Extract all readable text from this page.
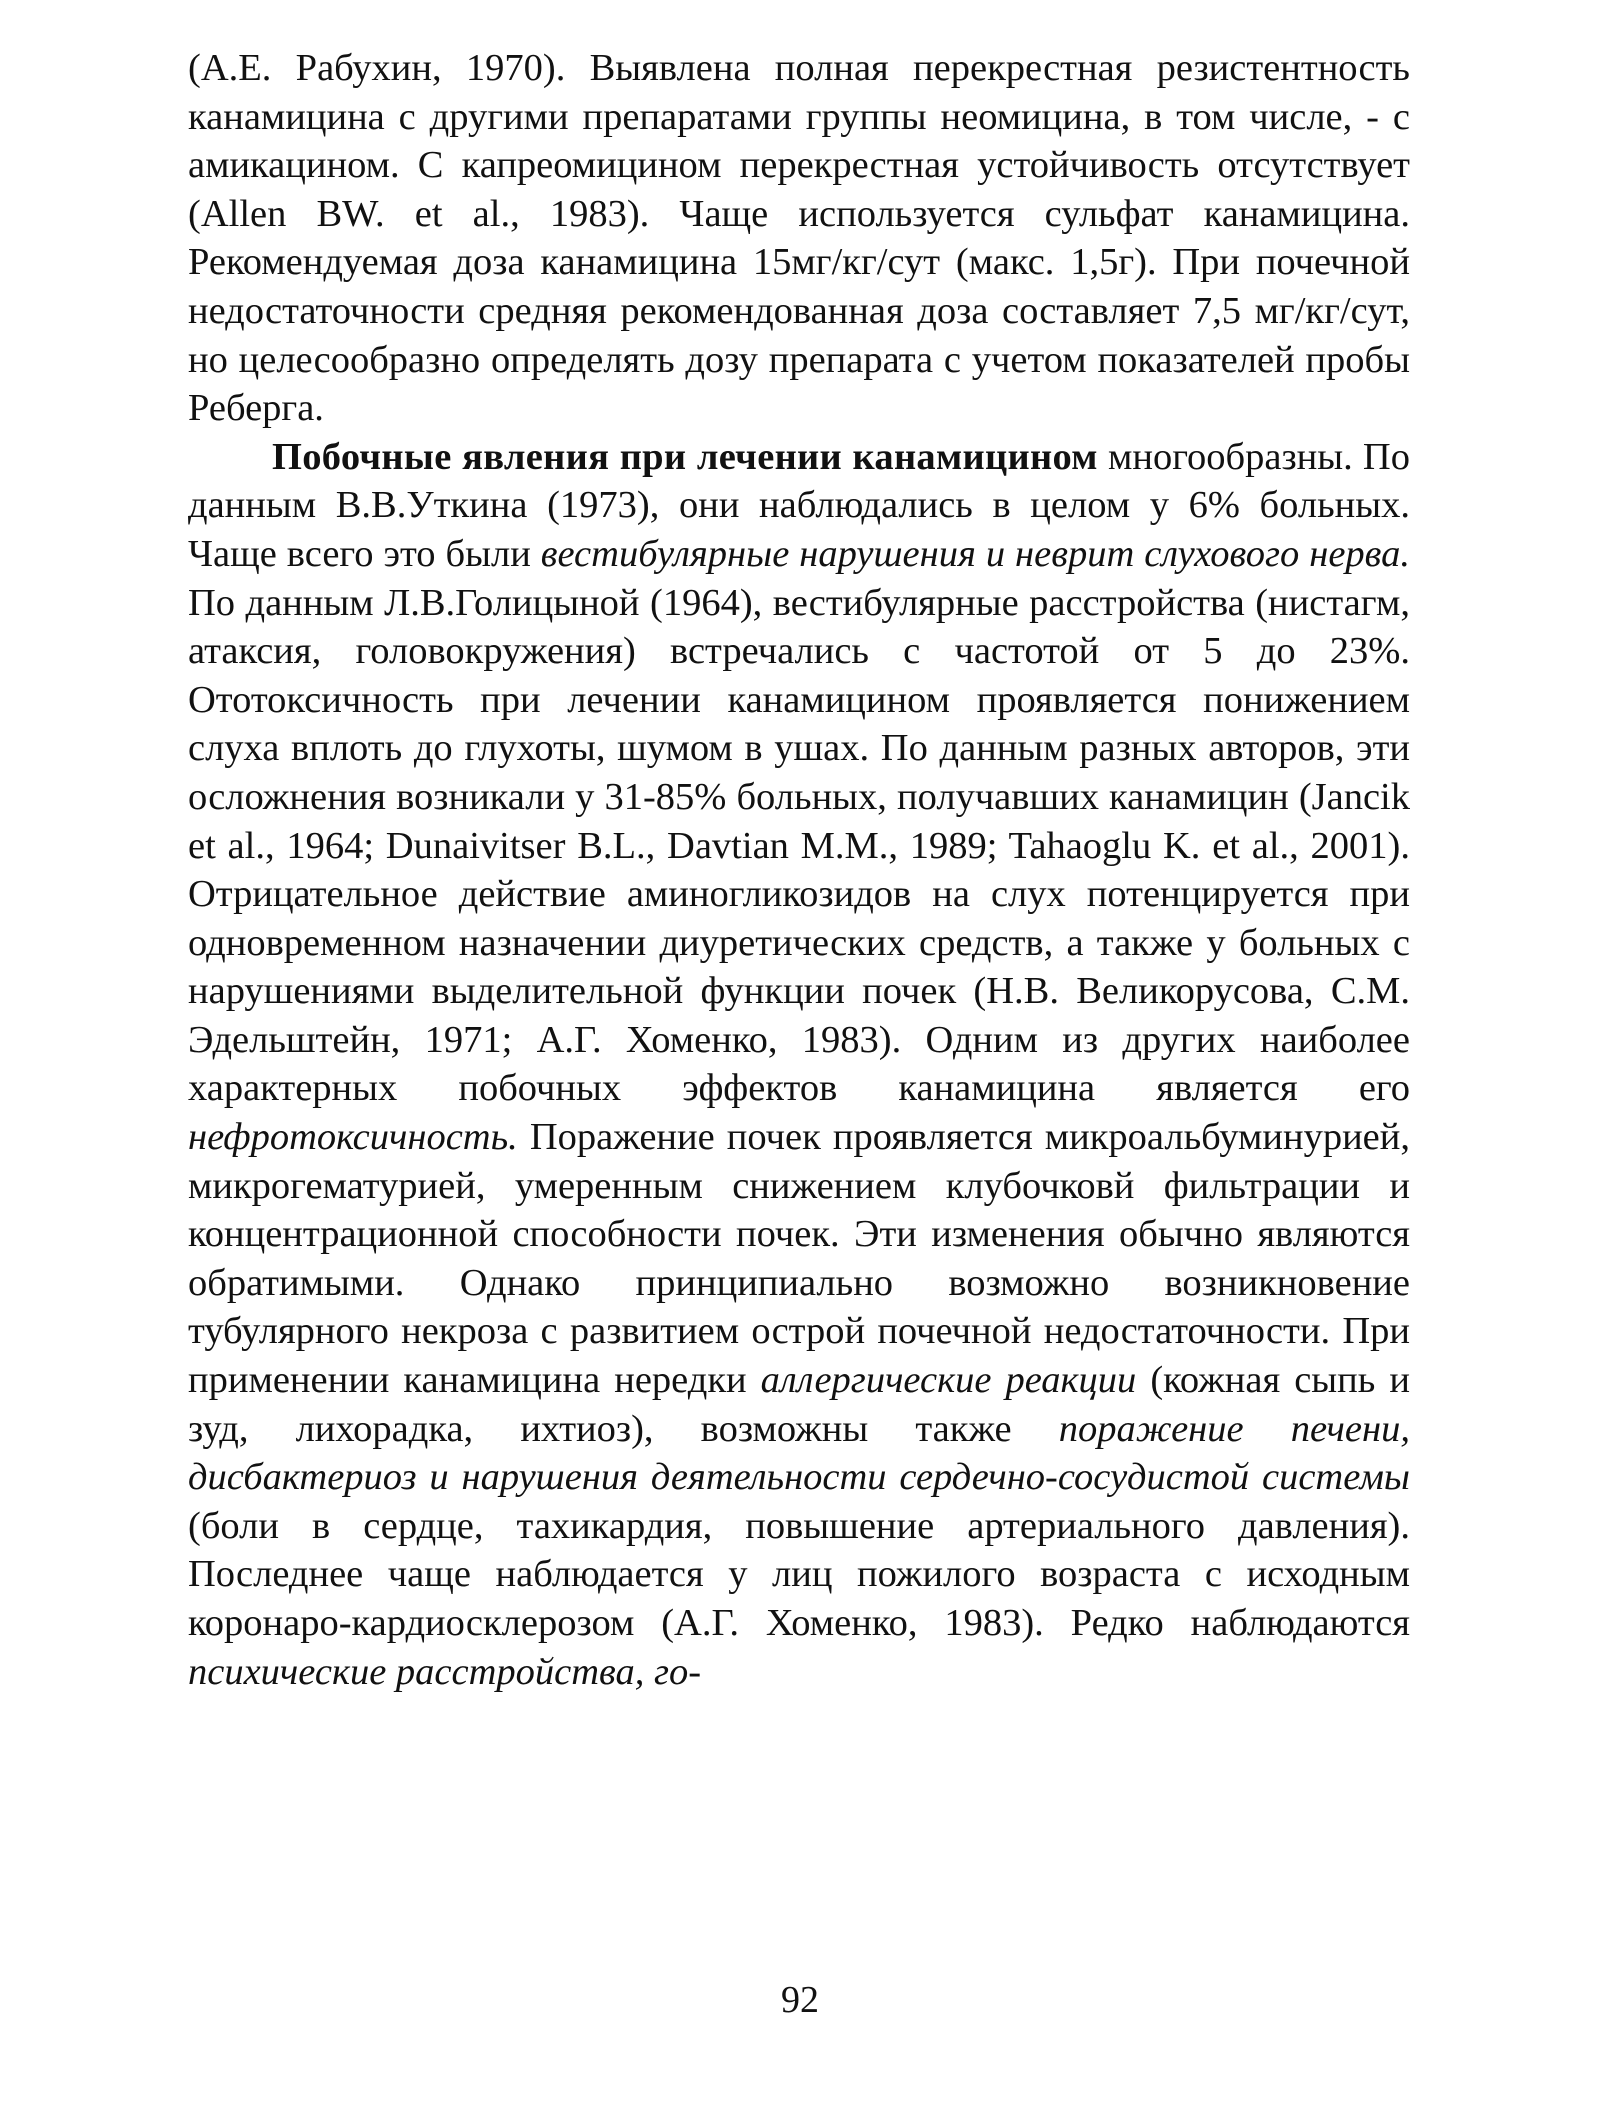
(А.Е. Рабухин, 1970). Выявлена полная перекрестная резистентность канамицина с другими препаратами группы неомицина, в том числе, - с амикацином. С капреомицином перекрестная устойчивость отсутствует (Allen BW. et al., 1983). Чаще используется сульфат канамицина. Рекомендуемая доза канамицина 15мг/кг/сут (макс. 1,5г). При почечной недостаточности средняя рекомендованная доза составляет 7,5 мг/кг/сут, но целесообразно определять дозу препарата с учетом показателей пробы Реберга.

Побочные явления при лечении канамицином многообразны. По данным В.В.Уткина (1973), они наблюдались в целом у 6% больных. Чаще всего это были вестибулярные нарушения и неврит слухового нерва. По данным Л.В.Голицыной (1964), вестибулярные расстройства (нистагм, атаксия, головокружения) встречались с частотой от 5 до 23%. Ототоксичность при лечении канамицином проявляется понижением слуха вплоть до глухоты, шумом в ушах. По данным разных авторов, эти осложнения возникали у 31-85% больных, получавших канамицин (Jancik et al., 1964; Dunaivitser B.L., Davtian M.M., 1989; Tahaoglu K. et al., 2001). Отрицательное действие аминогликозидов на слух потенцируется при одновременном назначении диуретических средств, а также у больных с нарушениями выделительной функции почек (Н.В. Великорусова, С.М. Эдельштейн, 1971; А.Г. Хоменко, 1983). Одним из других наиболее характерных побочных эффектов канамицина является его нефротоксичность. Поражение почек проявляется микроальбуминурией, микрогематурией, умеренным снижением клубочковй фильтрации и концентрационной способности почек. Эти изменения обычно являются обратимыми. Однако принципиально возможно возникновение тубулярного некроза с развитием острой почечной недостаточности. При применении канамицина нередки аллергические реакции (кожная сыпь и зуд, лихорадка, ихтиоз), возможны также поражение печени, дисбактериоз и нарушения деятельности сердечно-сосудистой системы (боли в сердце, тахикардия, повышение артериального давления). Последнее чаще наблюдается у лиц пожилого возраста с исходным коронаро-кардиосклерозом (А.Г. Хоменко, 1983). Редко наблюдаются психические расстройства, го-

92
